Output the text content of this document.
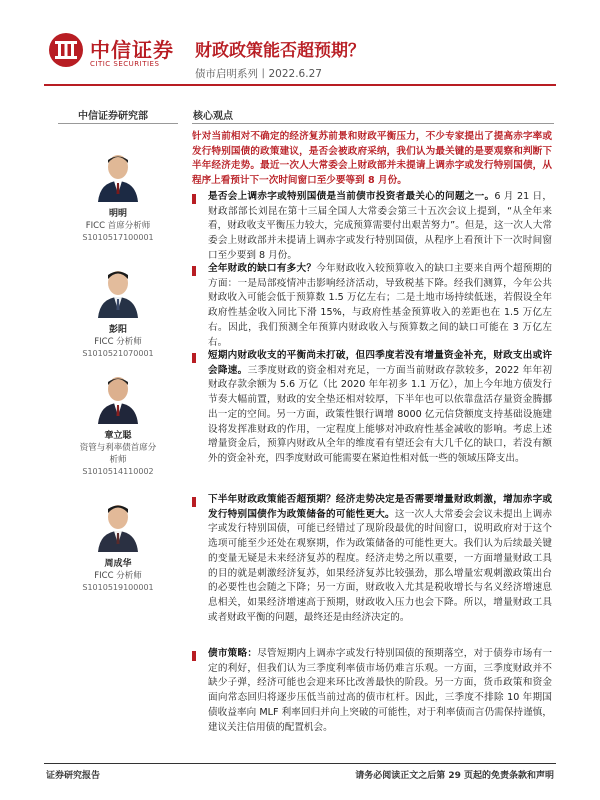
中信证券
CITIC SECURITIES
财政政策能否超预期？
债市启明系列丨2022.6.27
中信证券研究部	核心观点
明明
FICC 首席分析师
S1010517100001
彭阳
FICC 分析师
S1010521070001
章立聪
资管与利率债首席分析师
S1010514110002
周成华
FICC 分析师
S1010519100001
针对当前相对不确定的经济复苏前景和财政平衡压力，不少专家提出了提高赤字率或发行特别国债的政策建议，是否会被政府采纳，我们认为最关键的是要观察和判断下半年经济走势。最近一次人大常委会上财政部并未提请上调赤字或发行特别国债，从程序上看预计下一次时间窗口至少要等到 8 月份。
是否会上调赤字或特别国债是当前债市投资者最关心的问题之一。6 月 21 日，财政部部长刘昆在第十三届全国人大常委会第三十五次会议上提到，“从全年来看，财政收支平衡压力较大，完成预算需要付出艰苦努力”。但是，这一次人大常委会上财政部并未提请上调赤字或发行特别国债，从程序上看预计下一次时间窗口至少要到 8 月份。
全年财政的缺口有多大？今年财政收入较预算收入的缺口主要来自两个超预期的方面：一是局部疫情冲击影响经济活动，导致税基下降。经我们测算，今年公共财政收入可能会低于预算数 1.5 万亿左右；二是土地市场持续低迷，若假设全年政府性基金收入同比下滑 15%，与政府性基金预算收入的差距也在 1.5 万亿左右。因此，我们预测全年预算内财政收入与预算数之间的缺口可能在 3 万亿左右。
短期内财政收支的平衡尚未打破，但四季度若没有增量资金补充，财政支出或许会降速。三季度财政的资金相对充足，一方面当前财政存款较多，2022 年年初财政存款余额为 5.6 万亿（比 2020 年年初多 1.1 万亿），加上今年地方债发行节奏大幅前置，财政的安全垫还相对较厚，下半年也可以依靠盘活存量资金腾挪出一定的空间。另一方面，政策性银行调增 8000 亿元信贷额度支持基础设施建设将发挥准财政的作用，一定程度上能够对冲政府性基金减收的影响。考虑上述增量资金后，预算内财政从全年的维度看有望还会有大几千亿的缺口，若没有额外的资金补充，四季度财政可能需要在紧迫性相对低一些的领域压降支出。
下半年财政政策能否超预期？经济走势决定是否需要增量财政刺激，增加赤字或发行特别国债作为政策储备的可能性更大。这一次人大常委会会议未提出上调赤字或发行特别国债，可能已经错过了现阶段最优的时间窗口，说明政府对于这个选项可能至少还处在观察期，作为政策储备的可能性更大。我们认为后续最关键的变量无疑是未来经济复苏的程度。经济走势之所以重要，一方面增量财政工具的目的就是刺激经济复苏，如果经济复苏比较强劲，那么增量宏观刺激政策出台的必要性也会随之下降；另一方面，财政收入尤其是税收增长与名义经济增速息息相关，如果经济增速高于预期，财政收入压力也会下降。所以，增量财政工具或者财政平衡的问题，最终还是由经济决定的。
债市策略：尽管短期内上调赤字或发行特别国债的预期落空，对于债券市场有一定的利好，但我们认为三季度利率债市场仍难言乐观。一方面，三季度财政并不缺少子弹，经济可能也会迎来环比改善最快的阶段。另一方面，货币政策和资金面向常态回归将逐步压低当前过高的债市杠杆。因此，三季度不排除 10 年期国债收益率向 MLF 利率回归并向上突破的可能性，对于利率债而言仍需保持谨慎，建议关注信用债的配置机会。
证券研究报告	请务必阅读正文之后第 29 页起的免责条款和声明
